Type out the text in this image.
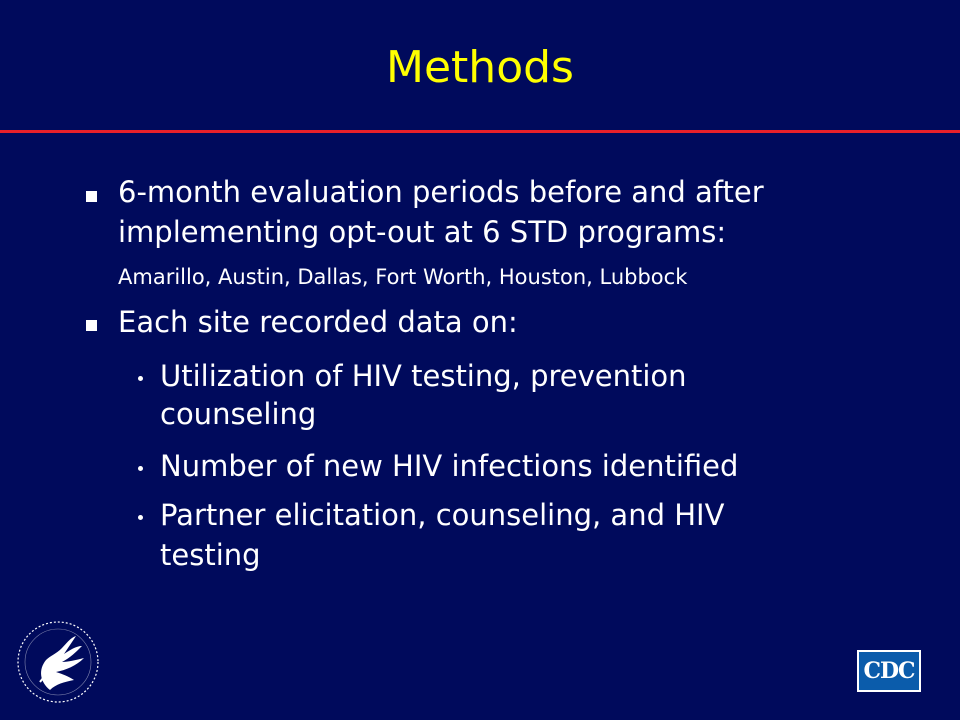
Methods
6-month evaluation periods before and after
implementing opt-out at 6 STD programs:
Amarillo, Austin, Dallas, Fort Worth, Houston, Lubbock
Each site recorded data on:
Utilization of HIV testing, prevention
counseling
Number of new HIV infections identified
Partner elicitation, counseling, and HIV
testing
CDC
